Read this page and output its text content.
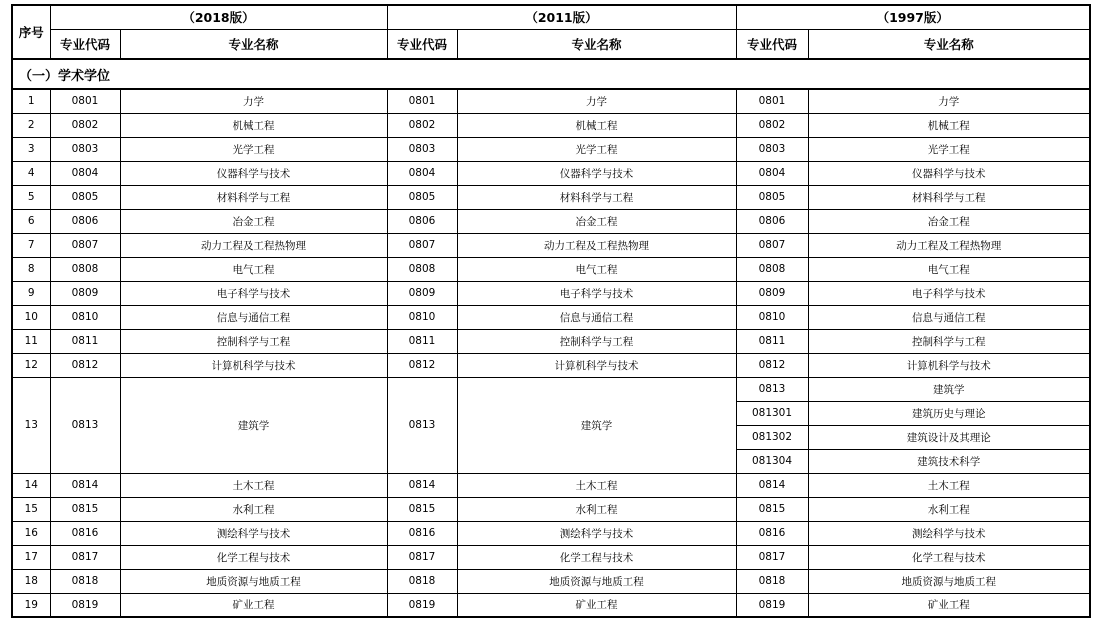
序号	（2018版）		（2011版）		（1997版）	
	专业代码	专业名称	专业代码	专业名称	专业代码	专业名称
（一）学术学位						
1	0801	力学	0801	力学	0801	力学
2	0802	机械工程	0802	机械工程	0802	机械工程
3	0803	光学工程	0803	光学工程	0803	光学工程
4	0804	仪器科学与技术	0804	仪器科学与技术	0804	仪器科学与技术
5	0805	材料科学与工程	0805	材料科学与工程	0805	材料科学与工程
6	0806	冶金工程	0806	冶金工程	0806	冶金工程
7	0807	动力工程及工程热物理	0807	动力工程及工程热物理	0807	动力工程及工程热物理
8	0808	电气工程	0808	电气工程	0808	电气工程
9	0809	电子科学与技术	0809	电子科学与技术	0809	电子科学与技术
10	0810	信息与通信工程	0810	信息与通信工程	0810	信息与通信工程
11	0811	控制科学与工程	0811	控制科学与工程	0811	控制科学与工程
12	0812	计算机科学与技术	0812	计算机科学与技术	0812	计算机科学与技术
13	0813	建筑学	0813	建筑学	0813	建筑学
					081301	建筑历史与理论
					081302	建筑设计及其理论
					081304	建筑技术科学
14	0814	土木工程	0814	土木工程	0814	土木工程
15	0815	水利工程	0815	水利工程	0815	水利工程
16	0816	测绘科学与技术	0816	测绘科学与技术	0816	测绘科学与技术
17	0817	化学工程与技术	0817	化学工程与技术	0817	化学工程与技术
18	0818	地质资源与地质工程	0818	地质资源与地质工程	0818	地质资源与地质工程
19	0819	矿业工程	0819	矿业工程	0819	矿业工程
